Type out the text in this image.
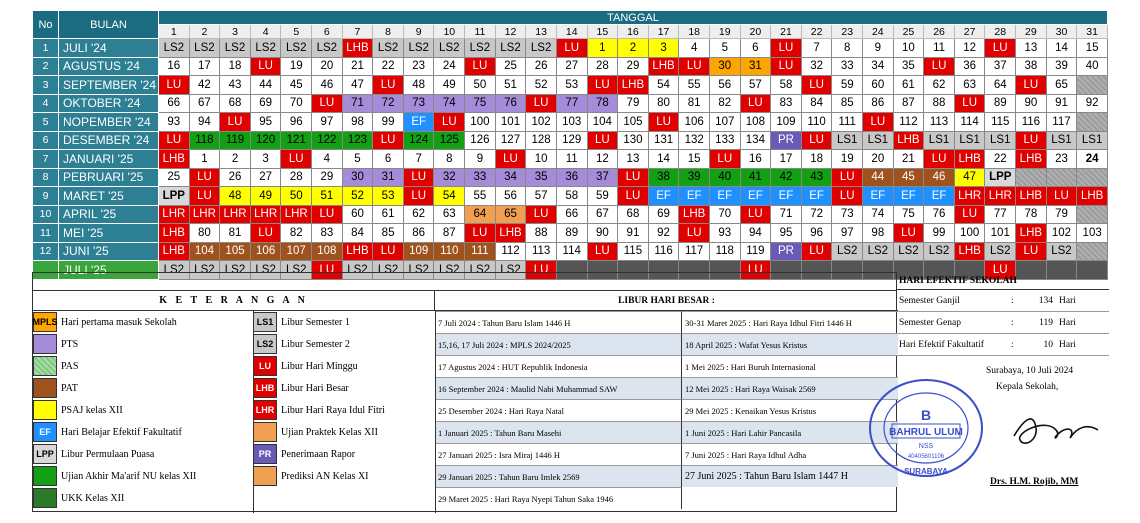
No	BULAN	TANGGAL																														
		1	2	3	4	5	6	7	8	9	10	11	12	13	14	15	16	17	18	19	20	21	22	23	24	25	26	27	28	29	30	31
1	JULI '24	LS2	LS2	LS2	LS2	LS2	LS2	LHB	LS2	LS2	LS2	LS2	LS2	LS2	LU	1	2	3	4	5	6	LU	7	8	9	10	11	12	LU	13	14	15
2	AGUSTUS '24	16	17	18	LU	19	20	21	22	23	24	LU	25	26	27	28	29	LHB	LU	30	31	LU	32	33	34	35	LU	36	37	38	39	40
3	SEPTEMBER '24	LU	42	43	44	45	46	47	LU	48	49	50	51	52	53	LU	LHB	54	55	56	57	58	LU	59	60	61	62	63	64	LU	65	
4	OKTOBER '24	66	67	68	69	70	LU	71	72	73	74	75	76	LU	77	78	79	80	81	82	LU	83	84	85	86	87	88	LU	89	90	91	92
5	NOPEMBER '24	93	94	LU	95	96	97	98	99	EF	LU	100	101	102	103	104	105	LU	106	107	108	109	110	111	LU	112	113	114	115	116	117	
6	DESEMBER '24	LU	118	119	120	121	122	123	LU	124	125	126	127	128	129	LU	130	131	132	133	134	PR	LU	LS1	LS1	LHB	LS1	LS1	LS1	LU	LS1	LS1
7	JANUARI '25	LHB	1	2	3	LU	4	5	6	7	8	9	LU	10	11	12	13	14	15	LU	16	17	18	19	20	21	LU	LHB	22	LHB	23	24
8	PEBRUARI '25	25	LU	26	27	28	29	30	31	LU	32	33	34	35	36	37	LU	38	39	40	41	42	43	LU	44	45	46	47	LPP			
9	MARET '25	LPP	LU	48	49	50	51	52	53	LU	54	55	56	57	58	59	LU	EF	EF	EF	EF	EF	EF	LU	EF	EF	EF	LHR	LHR	LHB	LU	LHB
10	APRIL '25	LHR	LHR	LHR	LHR	LHR	LU	60	61	62	63	64	65	LU	66	67	68	69	LHB	70	LU	71	72	73	74	75	76	LU	77	78	79	
11	MEI '25	LHB	80	81	LU	82	83	84	85	86	87	LU	LHB	88	89	90	91	92	LU	93	94	95	96	97	98	LU	99	100	101	LHB	102	103
12	JUNI '25	LHB	104	105	106	107	108	LHB	LU	109	110	111	112	113	114	LU	115	116	117	118	119	PR	LU	LS2	LS2	LS2	LS2	LHB	LS2	LU	LS2	
	JULI '25	LS2	LS2	LS2	LS2	LS2	LU	LS2	LS2	LS2	LS2	LS2	LS2	LU							LU								LU			
K E T E R A N G A N	LIBUR HARI BESAR :
MPLS Hari pertama masuk Sekolah
PTS
PAS
PAT
PSAJ kelas XII
EF	Hari Belajar Efektif Fakultatif
LPP Libur Permulaan Puasa
Ujian Akhir Ma'arif NU kelas XII
UKK Kelas XII
LS1 Libur Semester 1
LS2 Libur Semester 2
LU	Libur Hari Minggu
LHB Libur Hari Besar
LHR Libur Hari Raya Idul Fitri
Ujian Praktek Kelas XII
PR Penerimaan Rapor
Prediksi AN Kelas XI
7 Juli 2024 : Tahun Baru Islam 1446 H
15,16, 17 Juli 2024 : MPLS 2024/2025
17 Agustus 2024 : HUT Republik Indonesia
16 September 2024 : Maulid Nabi Muhammad SAW
25 Desember 2024 : Hari Raya Natal
1 Januari 2025 : Tahun Baru Masehi
27 Januari 2025 : Isra Miraj 1446 H
29 Januari 2025 : Tahun Baru Imlek 2569
29 Maret 2025 : Hari Raya Nyepi Tahun Saka 1946
30-31 Maret 2025 : Hari Raya Idhul Fitri 1446 H
18 April 2025 : Wafat Yesus Kristus
1 Mei 2025 : Hari Buruh Internasional
12 Mei 2025 : Hari Raya Waisak 2569
29 Mei 2025 : Kenaikan Yesus Kristus
1 Juni 2025 : Hari Lahir Pancasila
7 Juni 2025 : Hari Raya Idhul Adha
27 Juni 2025 : Tahun Baru Islam 1447 H
HARI EFEKTIF SEKOLAH
Semester Ganjil	:	134 Hari
Semester Genap	:	119 Hari
Hari Efektif Fakultatif	:	10 Hari
Surabaya, 10 Juli 2024
Kepala Sekolah,
B
BAHRUL ULUM
NSS
40405601106
SURABAYA
Drs. H.M. Rojib, MM
